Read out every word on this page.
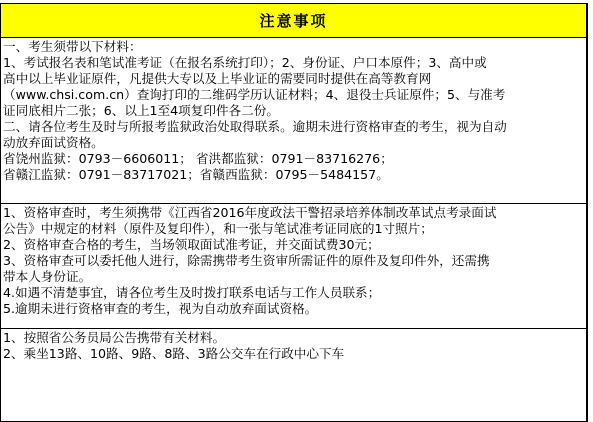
注意事项
一、考生须带以下材料：
1、考试报名表和笔试准考证（在报名系统打印）；2、身份证、户口本原件；3、高中或
高中以上毕业证原件，凡提供大专以及上毕业证的需要同时提供在高等教育网
（www.chsi.com.cn）查询打印的二维码学历认证材料；4、退役士兵证原件；5、与准考
证同底相片二张；6、以上1至4项复印件各二份。
二、请各位考生及时与所报考监狱政治处取得联系。逾期未进行资格审查的考生，视为自动
动放弃面试资格。
省饶州监狱：0793－6606011； 省洪都监狱：0791－83716276；
省赣江监狱：0791－83717021；省赣西监狱：0795－5484157。
1、资格审查时，考生须携带《江西省2016年度政法干警招录培养体制改革试点考录面试
公告》中规定的材料（原件及复印件），和一张与笔试准考证同底的1寸照片；
2、资格审查合格的考生，当场领取面试准考证，并交面试费30元；
3、资格审查可以委托他人进行，除需携带考生资审所需证件的原件及复印件外，还需携
带本人身份证。
4.如遇不清楚事宜，请各位考生及时拨打联系电话与工作人员联系；
5.逾期未进行资格审查的考生，视为自动放弃面试资格。
1、按照省公务员局公告携带有关材料。
2、乘坐13路、10路、9路、8路、3路公交车在行政中心下车
